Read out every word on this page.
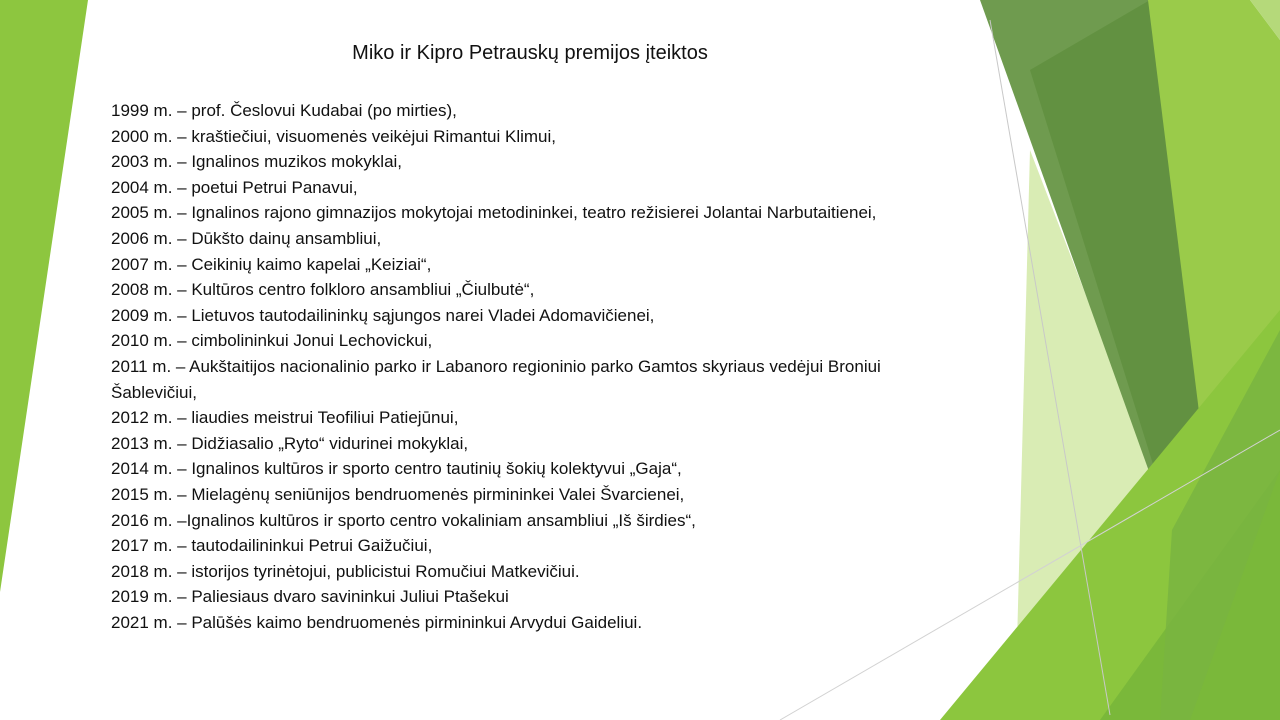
Miko ir Kipro Petrauskų premijos įteiktos
1999 m. – prof. Česlovui Kudabai (po mirties),
2000 m. – kraštiečiui, visuomenės veikėjui Rimantui Klimui,
2003 m. – Ignalinos muzikos mokyklai,
2004 m. – poetui Petrui Panavui,
2005 m. – Ignalinos rajono gimnazijos mokytojai metodininkei, teatro režisierei Jolantai Narbutaitienei,
2006 m. – Dūkšto dainų ansambliui,
2007 m. – Ceikinių kaimo kapelai „Keiziai“,
2008 m. – Kultūros centro folkloro ansambliui „Čiulbutė“,
2009 m. – Lietuvos tautodailininkų sąjungos narei Vladei Adomavičienei,
2010 m. – cimbolininkui Jonui Lechovickui,
2011 m. – Aukštaitijos nacionalinio parko ir Labanoro regioninio parko Gamtos skyriaus vedėjui Broniui Šablevičiui,
2012 m. – liaudies meistrui Teofiliui Patiejūnui,
2013 m. – Didžiasalio „Ryto“ vidurinei mokyklai,
2014 m. – Ignalinos kultūros ir sporto centro tautinių šokių kolektyvui „Gaja“,
2015 m. – Mielagėnų seniūnijos bendruomenės pirmininkei Valei Švarcienei,
2016 m. –Ignalinos kultūros ir sporto centro vokaliniam ansambliui „Iš širdies“,
2017 m. – tautodailininkui Petrui Gaižučiui,
2018 m. – istorijos tyrinėtojui, publicistui Romučiui Matkevičiui.
2019 m. – Paliesiaus dvaro savininkui Juliui Ptašekui
2021 m. – Palūšės kaimo bendruomenės pirmininkui Arvydui Gaideliui.
